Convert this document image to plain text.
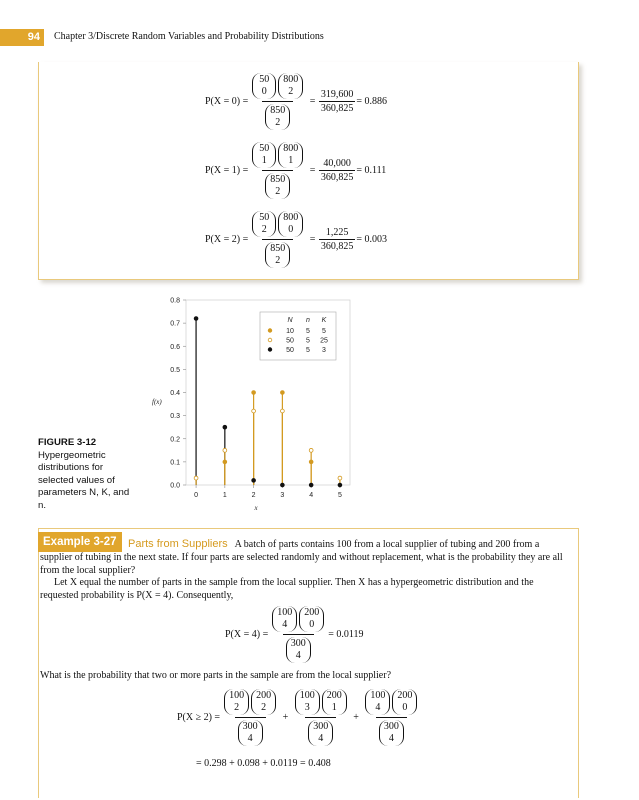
94	Chapter 3/Discrete Random Variables and Probability Distributions
P(X = 0) = 50
0
800
2
850
$2 = \frac{319,600}{360,825} = 0.886$
P(X = 1) = 50
1
800
1
850
$2 = \frac{40,000}{360,825} = 0.111$
P(X = 2) = 50
2
800
0
850
$2 = \frac{1,225}{360,825} = 0.003$
FIGURE 3-12
Hypergeometric distributions for selected values of parameters N, K, and n.
0.0
0.1
0.2
0.3
0.4
0.5
0.6
0.7
0.8
0	1	2	3	4	5
x
f(x)
N n K
10 5 5
50 5 25
50 5 3
Example 3-27	Parts from Suppliers A batch of parts contains 100 from a local supplier of tubing and 200 from a supplier of tubing in the next state. If four parts are selected randomly and without replacement, what is the probability they are all from the local supplier?
Let X equal the number of parts in the sample from the local supplier. Then X has a hypergeometric distribution and the requested probability is P(X = 4). Consequently,
P(X = 4) = 100
4
200
0
300
4 = 0.0119
What is the probability that two or more parts in the sample are from the local supplier?
P(X ≥ 2) = 100
2
200
2
300
4 + 100
3
200
1
300
4 + 100
4
200
0
300
4
= 0.298 + 0.098 + 0.0119 = 0.408
